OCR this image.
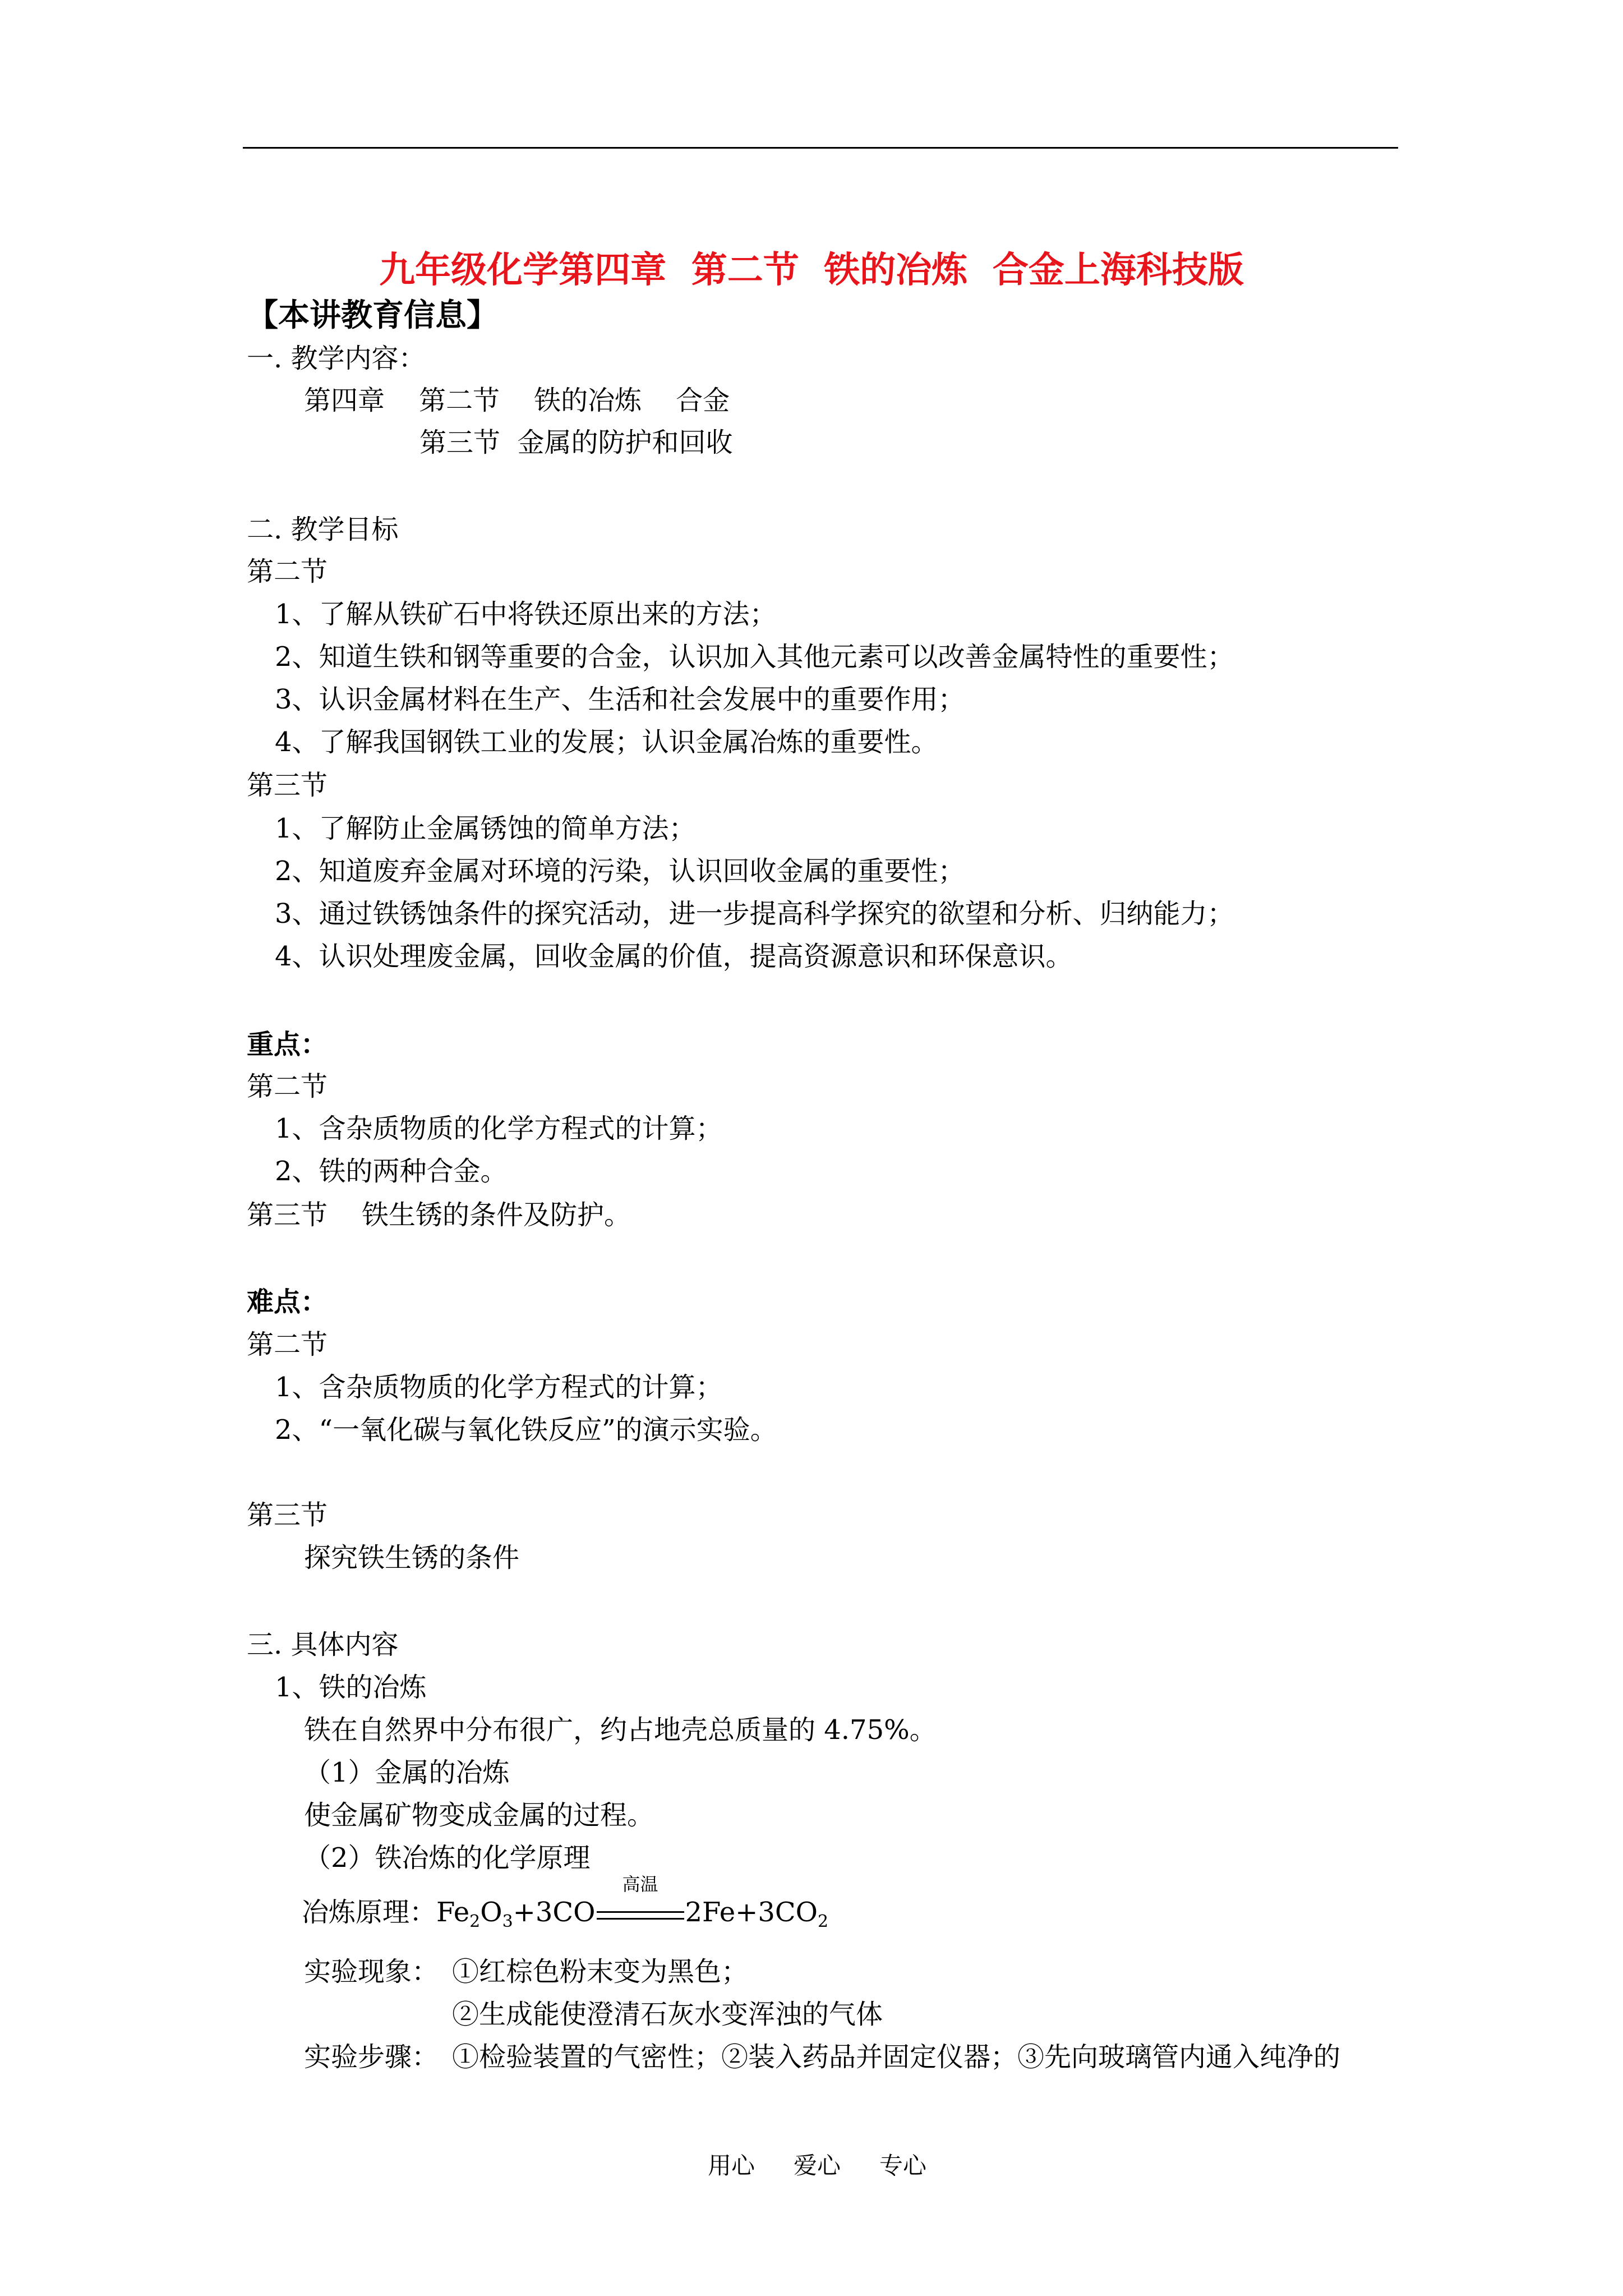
九年级化学第四章  第二节  铁的冶炼  合金上海科技版
【本讲教育信息】
一. 教学内容：
第四章    第二节    铁的冶炼    合金
第三节  金属的防护和回收
二. 教学目标
第二节
1、了解从铁矿石中将铁还原出来的方法；
2、知道生铁和钢等重要的合金，认识加入其他元素可以改善金属特性的重要性；
3、认识金属材料在生产、生活和社会发展中的重要作用；
4、了解我国钢铁工业的发展；认识金属冶炼的重要性。
第三节
1、了解防止金属锈蚀的简单方法；
2、知道废弃金属对环境的污染，认识回收金属的重要性；
3、通过铁锈蚀条件的探究活动，进一步提高科学探究的欲望和分析、归纳能力；
4、认识处理废金属，回收金属的价值，提高资源意识和环保意识。
重点：
第二节
1、含杂质物质的化学方程式的计算；
2、铁的两种合金。
第三节    铁生锈的条件及防护。
难点：
第二节
1、含杂质物质的化学方程式的计算；
2、“一氧化碳与氧化铁反应”的演示实验。
第三节
探究铁生锈的条件
三. 具体内容
1、铁的冶炼
铁在自然界中分布很广，约占地壳总质量的 4.75%。
（1）金属的冶炼
使金属矿物变成金属的过程。
（2）铁冶炼的化学原理
冶炼原理：$Fe_2O_3+3CO$
高温
$2Fe+3CO_2$
实验现象： ①红棕色粉末变为黑色；
②生成能使澄清石灰水变浑浊的气体
实验步骤： ①检验装置的气密性；②装入药品并固定仪器；③先向玻璃管内通入纯净的
用心 爱心 专心
